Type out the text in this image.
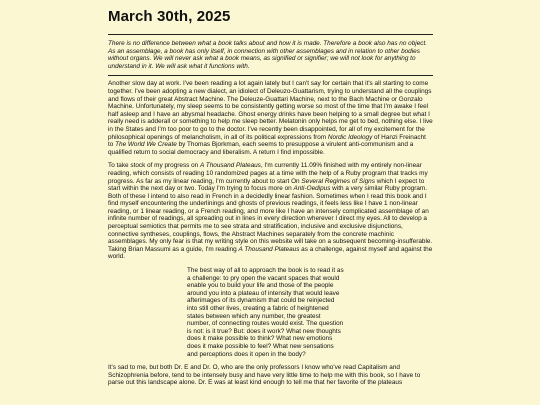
March 30th, 2025
There is no difference between what a book talks about and how it is made. Therefore a book also has no object. As an assemblage, a book has only itself, in connection with other assemblages and in relation to other bodies without organs. We will never ask what a book means, as signified or signifier; we will not look for anything to understand in it. We will ask what it functions with.

Another slow day at work. I've been reading a lot again lately but I can't say for certain that it's all starting to come together. I've been adopting a new dialect, an idiolect of Deleuzo-Guattarism, trying to understand all the couplings and flows of their great Abstract Machine. The Deleuze-Guattari Machine, next to the Bach Machine or Gonzalo Machine. Unfortunately, my sleep seems to be consistently getting worse so most of the time that I'm awake I feel half asleep and I have an abysmal headache. Ghost energy drinks have been helping to a small degree but what I really need is adderall or something to help me sleep better. Melatonin only helps me get to bed, nothing else. I live in the States and I'm too poor to go to the doctor. I've recently been disappointed, for all of my excitement for the philosophical openings of melancholism, in all of its political expressions from Nordic Ideology of Hanzi Freinacht to The World We Create by Thomas Bjorkman, each seems to presuppose a virulent anti-communism and a qualified return to social democracy and liberalism. A return I find impossible.

To take stock of my progress on A Thousand Plateaus, I'm currently 11.09% finished with my entirely non-linear reading, which consists of reading 10 randomized pages at a time with the help of a Ruby program that tracks my progress. As far as my linear reading, I'm currently about to start On Several Regimes of Signs which I expect to start within the next day or two. Today I'm trying to focus more on Anti-Oedipus with a very similar Ruby program. Both of these I intend to also read in French in a decidedly linear fashion. Sometimes when I read this book and I find myself encountering the underlinings and ghosts of previous readings, it feels less like I have 1 non-linear reading, or 1 linear reading, or a French reading, and more like I have an intensely complicated assemblage of an infinite number of readings, all spreading out in lines in every direction wherever I direct my eyes. All to develop a perceptual semiotics that permits me to see strata and stratification, inclusive and exclusive disjunctions, connective syntheses, couplings, flows, the Abstract Machines separately from the concrete machinic assemblages. My only fear is that my writing style on this website will take on a subsequent becoming-insufferable. Taking Brian Massumi as a guide, I'm reading A Thousand Plateaus as a challenge, against myself and against the world.

The best way of all to approach the book is to read it as a challenge: to pry open the vacant spaces that would enable you to build your life and those of the people around you into a plateau of intensity that would leave afterimages of its dynamism that could be reinjected into still other lives, creating a fabric of heightened states between which any number, the greatest number, of connecting routes would exist. The question is not: is it true? But: does it work? What new thoughts does it make possible to think? What new emotions does it make possible to feel? What new sensations and perceptions does it open in the body?

It's sad to me, but both Dr. E and Dr. O, who are the only professors I know who've read Capitalism and Schizophrenia before, tend to be intensely busy and have very little time to help me with this book, so I have to parse out this landscape alone. Dr. E was at least kind enough to tell me that her favorite of the plateaus
